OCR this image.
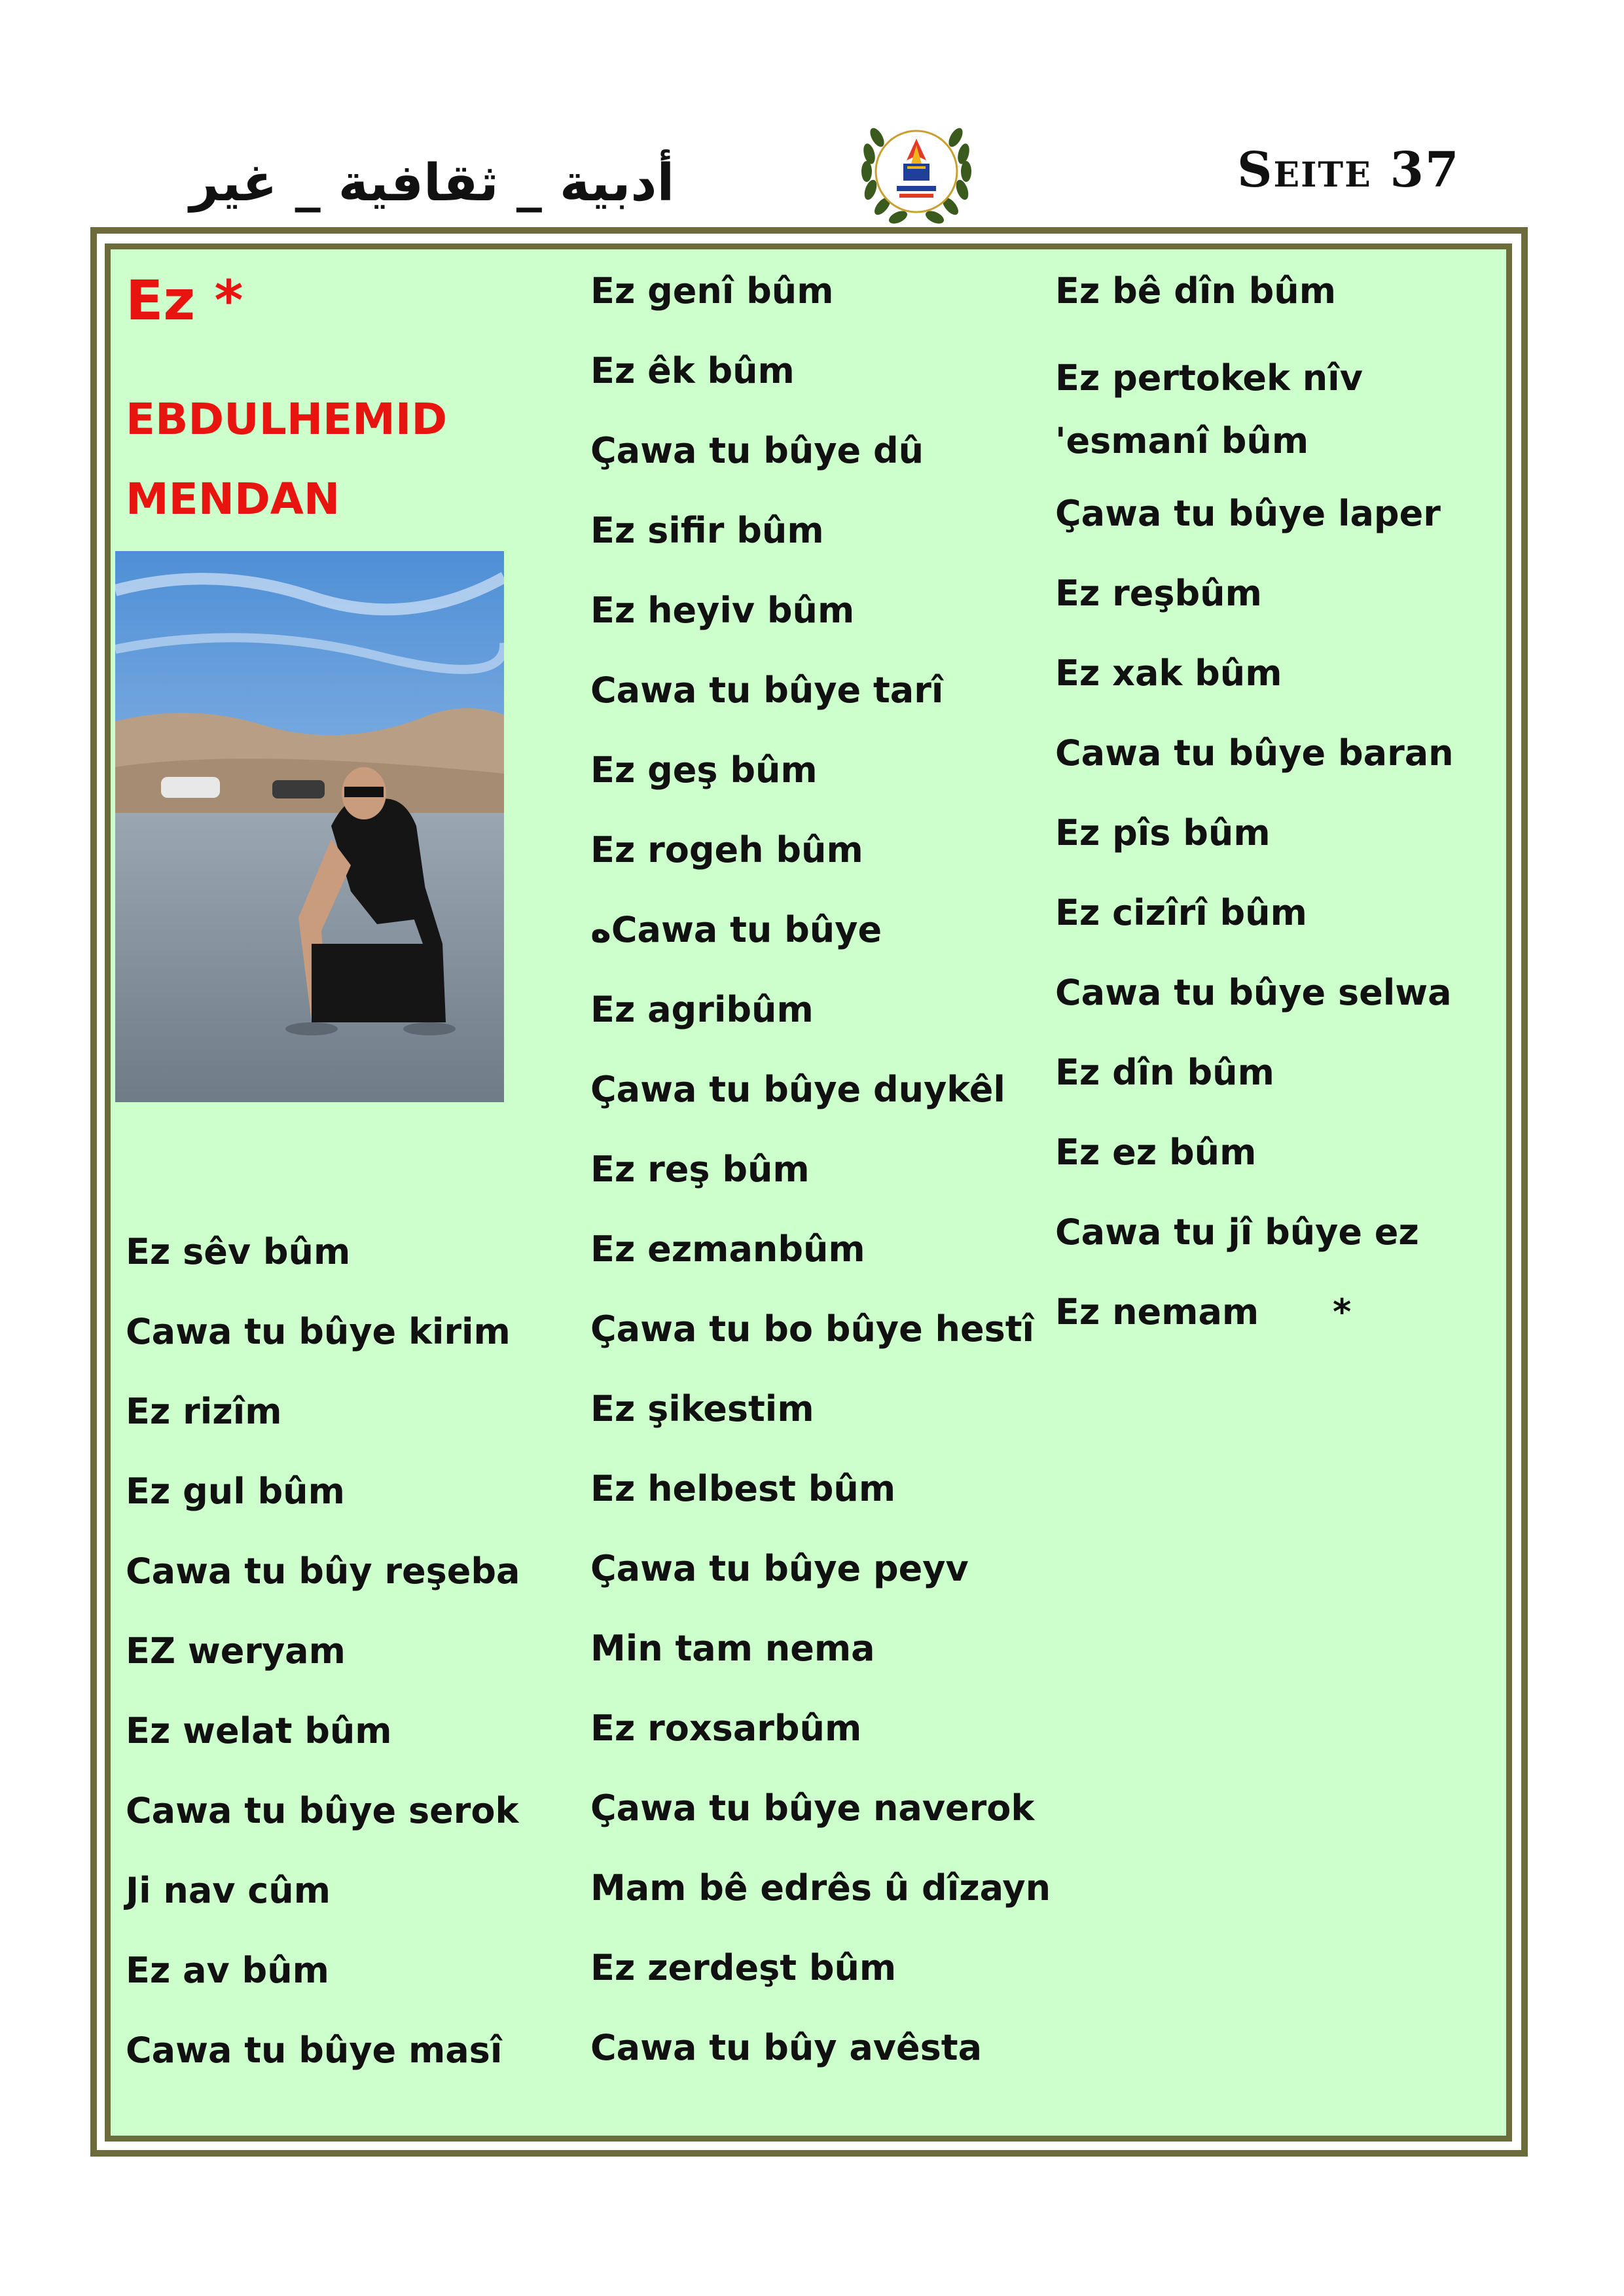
أدبية _ ثقافية _ غير	Seite 37
Ez *
EBDULHEMID MENDAN
Ez sêv bûm
Cawa tu bûye kirim
Ez rizîm
Ez gul bûm
Cawa tu bûy reşeba
EZ weryam
Ez welat bûm
Cawa tu bûye serok
Ji nav cûm
Ez av bûm
Cawa tu bûye masî
Ez genî bûm
Ez êk bûm
Çawa tu bûye dû
Ez sifir bûm
Ez heyiv bûm
Cawa tu bûye tarî
Ez geş bûm
Ez rogeh bûm
ەCawa tu bûye
Ez agribûm
Çawa tu bûye duykêl
Ez reş bûm
Ez ezmanbûm
Çawa tu bo bûye hestî
Ez şikestim
Ez helbest bûm
Çawa tu bûye peyv
Min tam nema
Ez roxsarbûm
Çawa tu bûye naverok
Mam bê edrês û dîzayn
Ez zerdeşt bûm
Cawa tu bûy avêsta
Ez bê dîn bûm
Ez pertokek nîv 'esmanî bûm
Çawa tu bûye laper
Ez reşbûm
Ez xak bûm
Cawa tu bûye baran
Ez pîs bûm
Ez cizîrî bûm
Cawa tu bûye selwa
Ez dîn bûm
Ez ez bûm
Cawa tu jî bûye ez
Ez nemam      *
